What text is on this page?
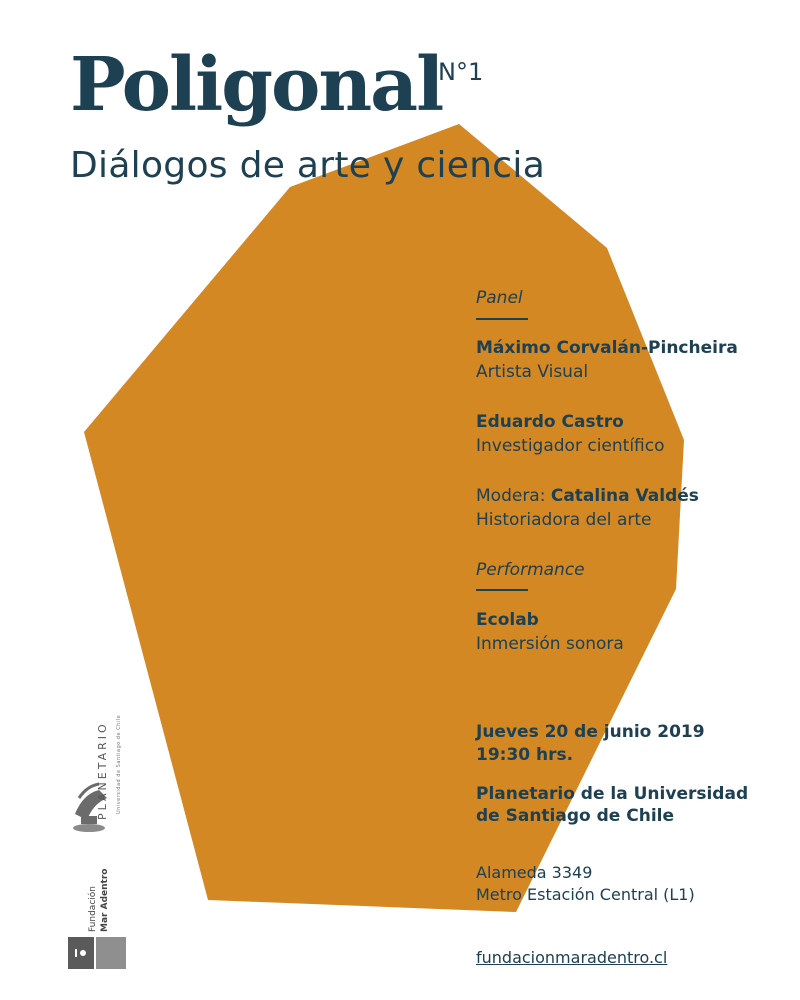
Poligonal
N°1
Diálogos de arte y ciencia
Panel
Máximo Corvalán-Pincheira
Artista Visual
Eduardo Castro
Investigador científico
Modera: Catalina Valdés
Historiadora del arte
Performance
Ecolab
Inmersión sonora
Jueves 20 de junio 2019
19:30 hrs.
Planetario de la Universidad
de Santiago de Chile
Alameda 3349
Metro Estación Central (L1)
fundacionmaradentro.cl
PLANETARIO Universidad de Santiago de Chile
Fundación Mar Adentro
